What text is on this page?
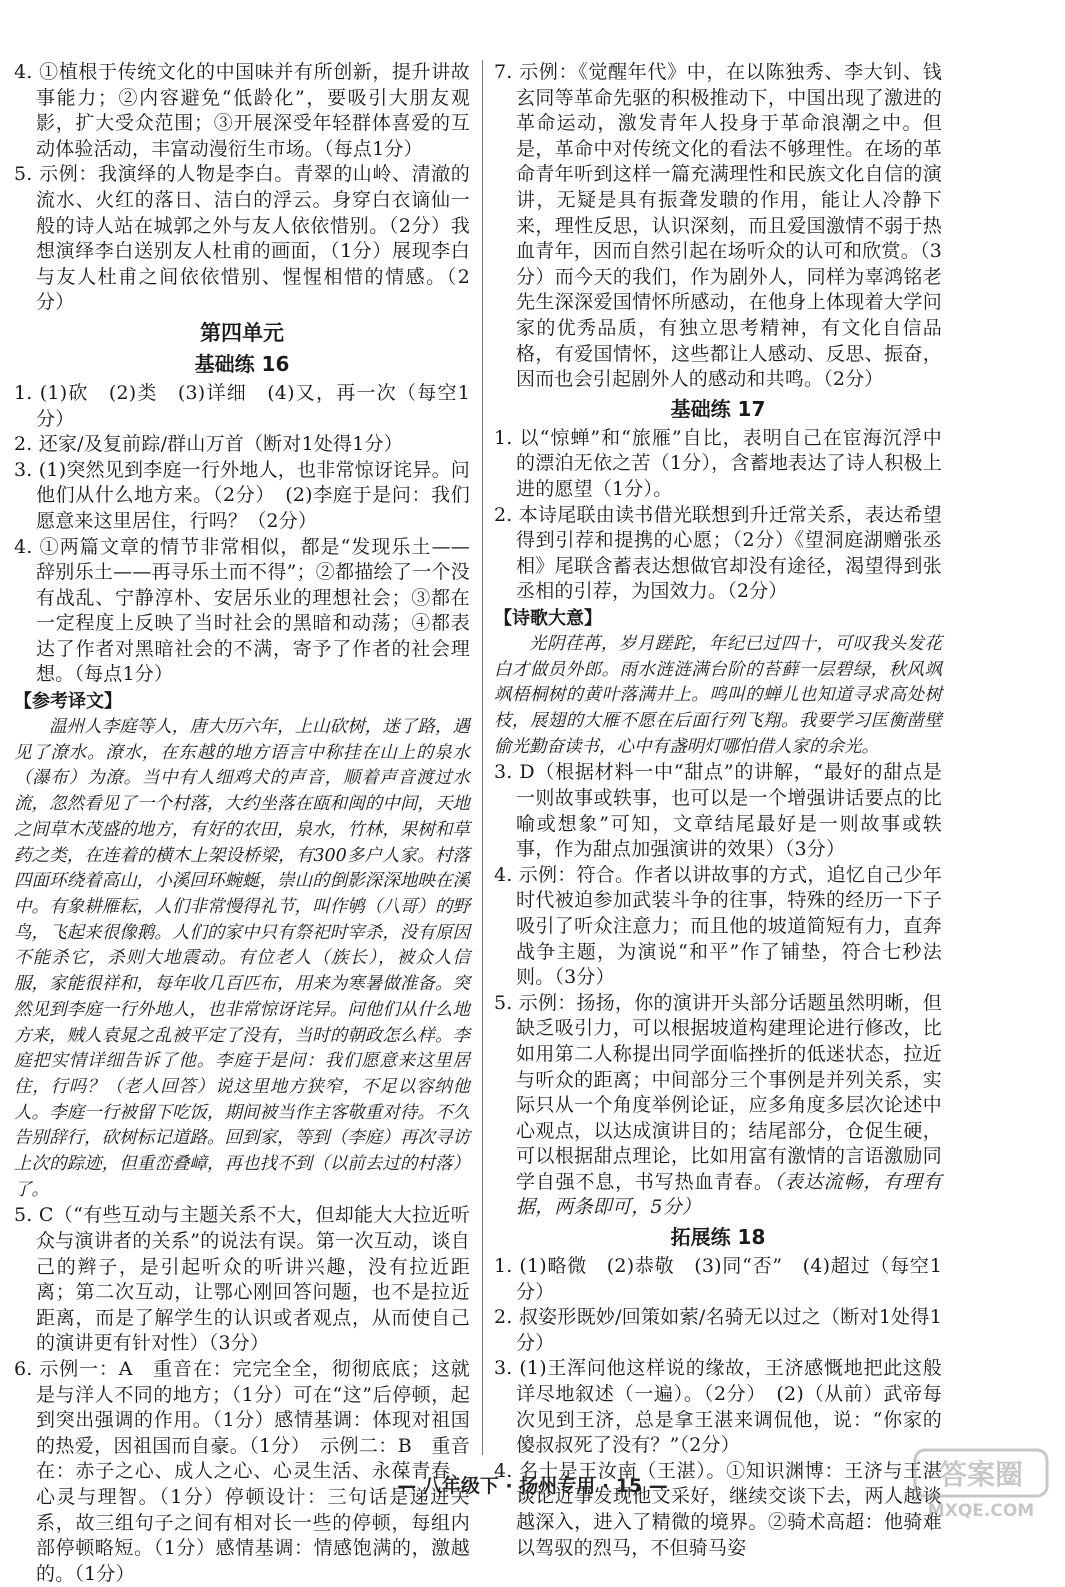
4. ①植根于传统文化的中国味并有所创新，提升讲故事能力；②内容避免“低龄化”，要吸引大朋友观影，扩大受众范围；③开展深受年轻群体喜爱的互动体验活动，丰富动漫衍生市场。（每点1分）

5. 示例：我演绎的人物是李白。青翠的山岭、清澈的流水、火红的落日、洁白的浮云。身穿白衣谪仙一般的诗人站在城郭之外与友人依依惜别。（2分）我想演绎李白送别友人杜甫的画面，（1分）展现李白与友人杜甫之间依依惜别、惺惺相惜的情感。（2分）

第四单元

基础练 16

1. (1)砍　(2)类　(3)详细　(4)又，再一次（每空1分）

2. 还家/及复前踪/群山万首（断对1处得1分）

3. (1)突然见到李庭一行外地人，也非常惊讶诧异。问他们从什么地方来。（2分）　(2)李庭于是问：我们愿意来这里居住，行吗？（2分）

4. ①两篇文章的情节非常相似，都是“发现乐土——辞别乐土——再寻乐土而不得”；②都描绘了一个没有战乱、宁静淳朴、安居乐业的理想社会；③都在一定程度上反映了当时社会的黑暗和动荡；④都表达了作者对黑暗社会的不满，寄予了作者的社会理想。（每点1分）

【参考译文】

温州人李庭等人，唐大历六年，上山砍树，迷了路，遇见了潦水。潦水，在东越的地方语言中称挂在山上的泉水（瀑布）为潦。当中有人细鸡犬的声音，顺着声音渡过水流，忽然看见了一个村落，大约坐落在瓯和闽的中间，天地之间草木茂盛的地方，有好的农田，泉水，竹林，果树和草药之类，在连着的横木上架设桥梁，有300多户人家。村落四面环绕着高山，小溪回环蜿蜒，崇山的倒影深深地映在溪中。有象耕雁耘，人们非常慢得礼节，叫作鸲（八哥）的野鸟，飞起来很像鹅。人们的家中只有祭祀时宰杀，没有原因不能杀它，杀则大地震动。有位老人（族长），被众人信服，家能很祥和，每年收几百匹布，用来为寒暑做准备。突然见到李庭一行外地人，也非常惊讶诧异。问他们从什么地方来，贼人袁晁之乱被平定了没有，当时的朝政怎么样。李庭把实情详细告诉了他。李庭于是问：我们愿意来这里居住，行吗？（老人回答）说这里地方狭窄，不足以容纳他人。李庭一行被留下吃饭，期间被当作主客敬重对待。不久告别辞行，砍树标记道路。回到家，等到（李庭）再次寻访上次的踪迹，但重峦叠嶂，再也找不到（以前去过的村落）了。

5. C（“有些互动与主题关系不大，但却能大大拉近听众与演讲者的关系”的说法有误。第一次互动，谈自己的辫子，是引起听众的听讲兴趣，没有拉近距离；第二次互动，让鄂心刚回答问题，也不是拉近距离，而是了解学生的认识或者观点，从而使自己的演讲更有针对性）（3分）

6. 示例一：A　重音在：完完全全，彻彻底底；这就是与洋人不同的地方；（1分）可在“这”后停顿，起到突出强调的作用。（1分）感情基调：体现对祖国的热爱，因祖国而自豪。（1分）　示例二：B　重音在：赤子之心、成人之心、心灵生活、永葆青春、心灵与理智。（1分）停顿设计：三句话是递进关系，故三组句子之间有相对长一些的停顿，每组内部停顿略短。（1分）感情基调：情感饱满的，激越的。（1分）

7. 示例：《觉醒年代》中，在以陈独秀、李大钊、钱玄同等革命先驱的积极推动下，中国出现了激进的革命运动，激发青年人投身于革命浪潮之中。但是，革命中对传统文化的看法不够理性。在场的革命青年听到这样一篇充满理性和民族文化自信的演讲，无疑是具有振聋发聩的作用，能让人冷静下来，理性反思，认识深刻，而且爱国激情不弱于热血青年，因而自然引起在场听众的认可和欣赏。（3分）而今天的我们，作为剧外人，同样为辜鸿铭老先生深深爱国情怀所感动，在他身上体现着大学问家的优秀品质，有独立思考精神，有文化自信品格，有爱国情怀，这些都让人感动、反思、振奋，因而也会引起剧外人的感动和共鸣。（2分）

基础练 17

1. 以“惊蝉”和“旅雁”自比，表明自己在宦海沉浮中的漂泊无依之苦（1分），含蓄地表达了诗人积极上进的愿望（1分）。

2. 本诗尾联由读书借光联想到升迁常关系，表达希望得到引荐和提携的心愿；（2分）《望洞庭湖赠张丞相》尾联含蓄表达想做官却没有途径，渴望得到张丞相的引荐，为国效力。（2分）

【诗歌大意】

光阴荏苒，岁月蹉跎，年纪已过四十，可叹我头发花白才做员外郎。雨水涟涟满台阶的苔藓一层碧绿，秋风飒飒梧桐树的黄叶落满井上。鸣叫的蝉儿也知道寻求高处树枝，展翅的大雁不愿在后面行列飞翔。我要学习匡衡凿壁偷光勤奋读书，心中有盏明灯哪怕借人家的余光。

3. D（根据材料一中“甜点”的讲解，“最好的甜点是一则故事或轶事，也可以是一个增强讲话要点的比喻或想象”可知，文章结尾最好是一则故事或轶事，作为甜点加强演讲的效果）（3分）

4. 示例：符合。作者以讲故事的方式，追忆自己少年时代被迫参加武装斗争的往事，特殊的经历一下子吸引了听众注意力；而且他的坡道简短有力，直奔战争主题，为演说“和平”作了铺垫，符合七秒法则。（3分）

5. 示例：扬扬，你的演讲开头部分话题虽然明晰，但缺乏吸引力，可以根据坡道构建理论进行修改，比如用第二人称提出同学面临挫折的低迷状态，拉近与听众的距离；中间部分三个事例是并列关系，实际只从一个角度举例论证，应多角度多层次论述中心观点，以达成演讲目的；结尾部分，仓促生硬，可以根据甜点理论，比如用富有激情的言语激励同学自强不息，书写热血青春。（表达流畅，有理有据，两条即可，5分）

拓展练 18

1. (1)略微　(2)恭敬　(3)同“否”　(4)超过（每空1分）

2. 叔姿形既妙/回策如萦/名骑无以过之（断对1处得1分）

3. (1)王浑问他这样说的缘故，王济感慨地把此这般详尽地叙述（一遍）。（2分）　(2)（从前）武帝每次见到王济，总是拿王湛来调侃他，说：“你家的傻叔叔死了没有？”（2分）

4. 名士是王汝南（王湛）。①知识渊博：王济与王湛谈论近事发现他文采好，继续交谈下去，两人越谈越深入，进入了精微的境界。②骑术高超：他骑难以驾驭的烈马，不但骑马姿

— 八年级下 · 扬州专用 · 15 —	答案圈
MXQE.COM
